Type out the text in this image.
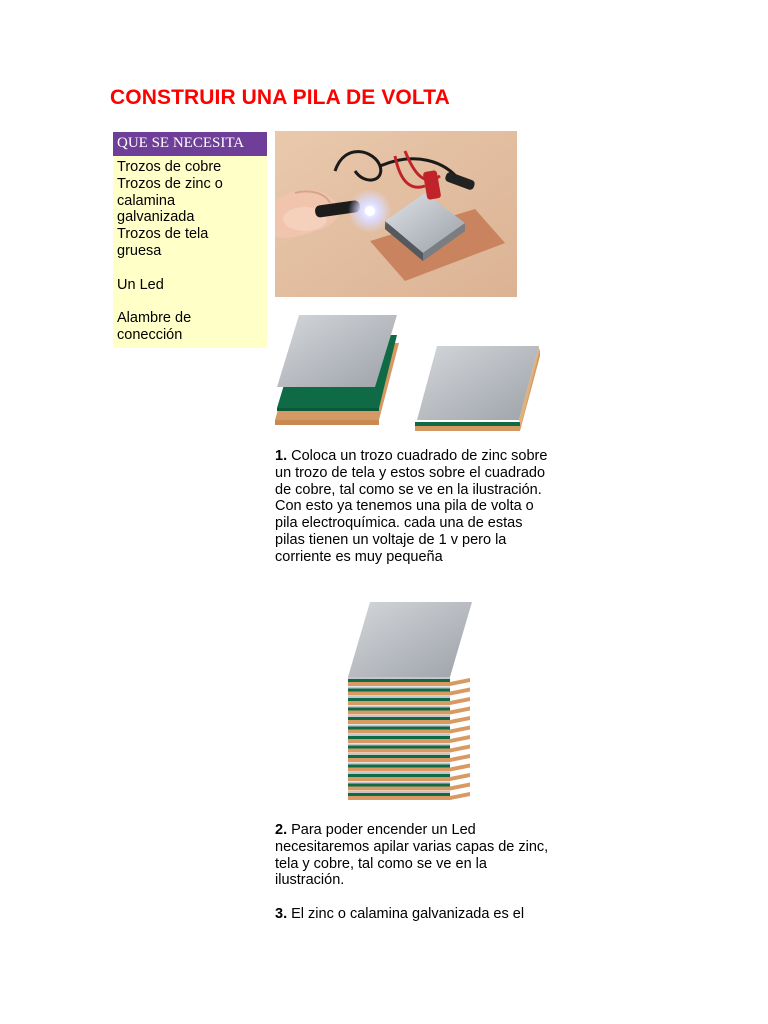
CONSTRUIR UNA PILA DE VOLTA
QUE SE NECESITA
Trozos de cobre
Trozos de zinc o
calamina
galvanizada
Trozos de tela
gruesa
Un Led
Alambre de
conección
1. Coloca un trozo cuadrado de zinc sobre un trozo de tela y estos sobre el cuadrado de cobre, tal como se ve en la ilustración. Con esto ya tenemos una pila de volta o pila electroquímica. cada una de estas pilas tienen un voltaje de 1 v pero la corriente es muy pequeña
2. Para poder encender un Led necesitaremos apilar varias capas de zinc, tela y cobre, tal como se ve en la ilustración.
3. El zinc o calamina galvanizada es el
